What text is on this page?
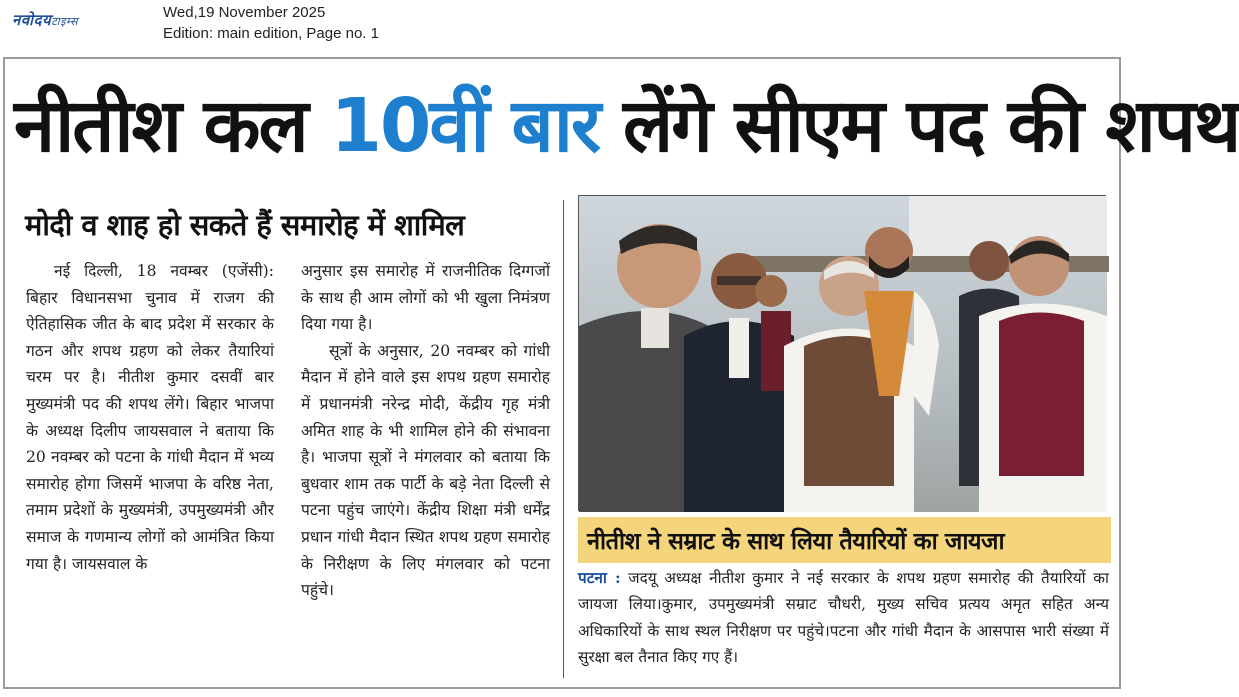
नवोदयटाइम्स
Wed,19 November 2025
Edition: main edition, Page no. 1
नीतीश कल 10वीं बार लेंगे सीएम पद की शपथ
मोदी व शाह हो सकते हैं समारोह में शामिल

नई दिल्ली, 18 नवम्बर (एजेंसी): बिहार विधानसभा चुनाव में राजग की ऐतिहासिक जीत के बाद प्रदेश में सरकार के गठन और शपथ ग्रहण को लेकर तैयारियां चरम पर है। नीतीश कुमार दसवीं बार मुख्यमंत्री पद की शपथ लेंगे। बिहार भाजपा के अध्यक्ष दिलीप जायसवाल ने बताया कि 20 नवम्बर को पटना के गांधी मैदान में भव्य समारोह होगा जिसमें भाजपा के वरिष्ठ नेता, तमाम प्रदेशों के मुख्यमंत्री, उपमुख्यमंत्री और समाज के गणमान्य लोगों को आमंत्रित किया गया है। जायसवाल के

अनुसार इस समारोह में राजनीतिक दिग्गजों के साथ ही आम लोगों को भी खुला निमंत्रण दिया गया है।

सूत्रों के अनुसार, 20 नवम्बर को गांधी मैदान में होने वाले इस शपथ ग्रहण समारोह में प्रधानमंत्री नरेन्द्र मोदी, केंद्रीय गृह मंत्री अमित शाह के भी शामिल होने की संभावना है। भाजपा सूत्रों ने मंगलवार को बताया कि बुधवार शाम तक पार्टी के बड़े नेता दिल्ली से पटना पहुंच जाएंगे। केंद्रीय शिक्षा मंत्री धर्मेंद्र प्रधान गांधी मैदान स्थित शपथ ग्रहण समारोह के निरीक्षण के लिए मंगलवार को पटना पहुंचे।

नीतीश ने सम्राट के साथ लिया तैयारियों का जायजा

पटना : जदयू अध्यक्ष नीतीश कुमार ने नई सरकार के शपथ ग्रहण समारोह की तैयारियों का जायजा लिया।कुमार, उपमुख्यमंत्री सम्राट चौधरी, मुख्य सचिव प्रत्यय अमृत सहित अन्य अधिकारियों के साथ स्थल निरीक्षण पर पहुंचे।पटना और गांधी मैदान के आसपास भारी संख्या में सुरक्षा बल तैनात किए गए हैं।
